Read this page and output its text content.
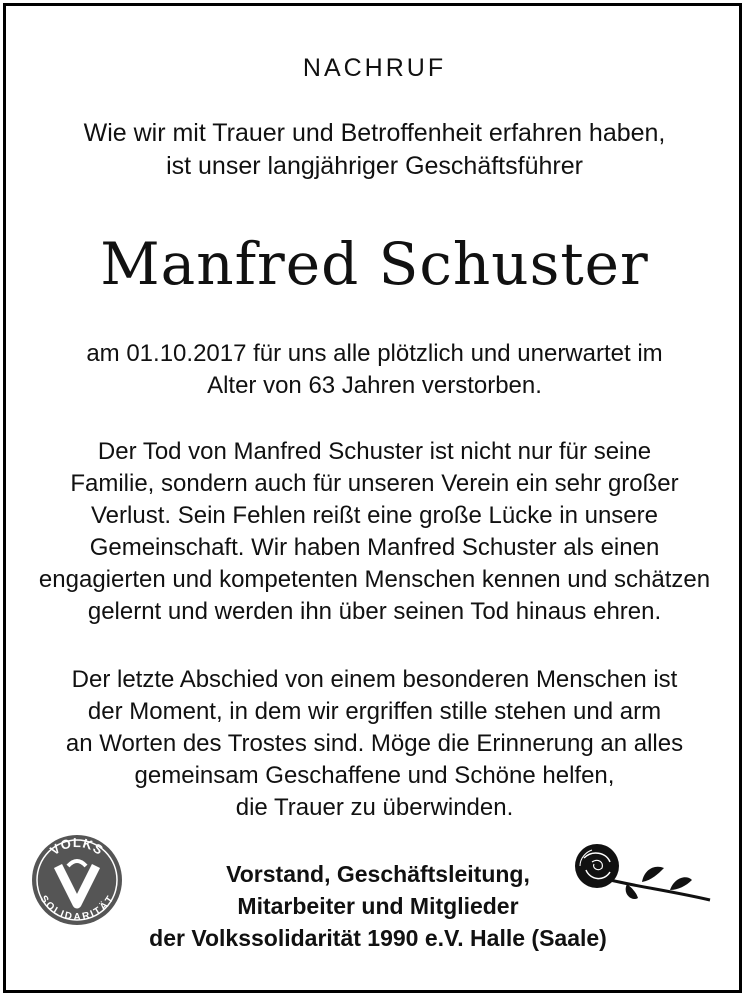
NACHRUF
Wie wir mit Trauer und Betroffenheit erfahren haben,
ist unser langjähriger Geschäftsführer
Manfred Schuster
am 01.10.2017 für uns alle plötzlich und unerwartet im
Alter von 63 Jahren verstorben.
Der Tod von Manfred Schuster ist nicht nur für seine
Familie, sondern auch für unseren Verein ein sehr großer
Verlust. Sein Fehlen reißt eine große Lücke in unsere
Gemeinschaft. Wir haben Manfred Schuster als einen
engagierten und kompetenten Menschen kennen und schätzen
gelernt und werden ihn über seinen Tod hinaus ehren.
Der letzte Abschied von einem besonderen Menschen ist
der Moment, in dem wir ergriffen stille stehen und arm
an Worten des Trostes sind. Möge die Erinnerung an alles
gemeinsam Geschaffene und Schöne helfen,
die Trauer zu überwinden.
VOLKS
SOLIDARITÄT
Vorstand, Geschäftsleitung,
Mitarbeiter und Mitglieder
der Volkssolidarität 1990 e.V. Halle (Saale)
